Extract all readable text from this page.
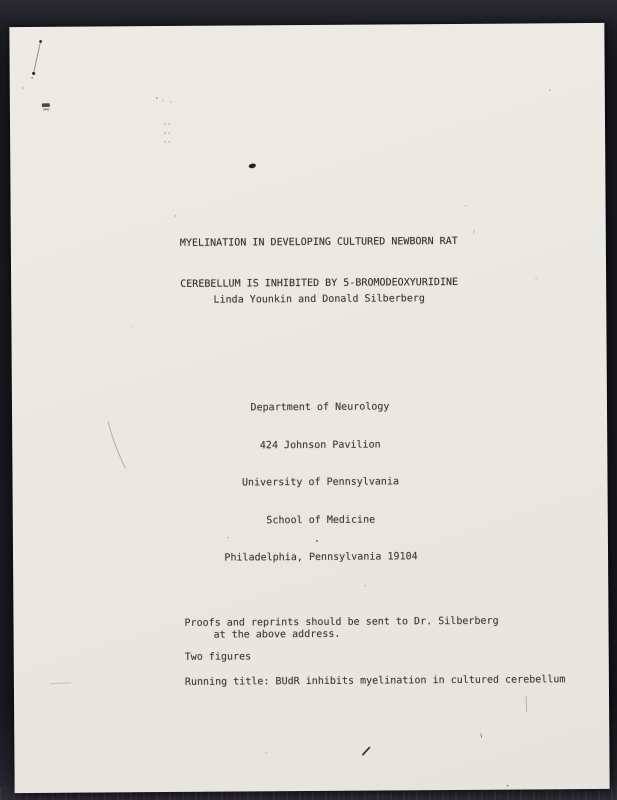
MYELINATION IN DEVELOPING CULTURED NEWBORN RAT

CEREBELLUM IS INHIBITED BY 5-BROMODEOXYURIDINE

Linda Younkin and Donald Silberberg

Department of Neurology

424 Johnson Pavilion

University of Pennsylvania

School of Medicine

Philadelphia, Pennsylvania 19104

Proofs and reprints should be sent to Dr. Silberberg
at the above address.
Two figures
Running title: BUdR inhibits myelination in cultured cerebellum
